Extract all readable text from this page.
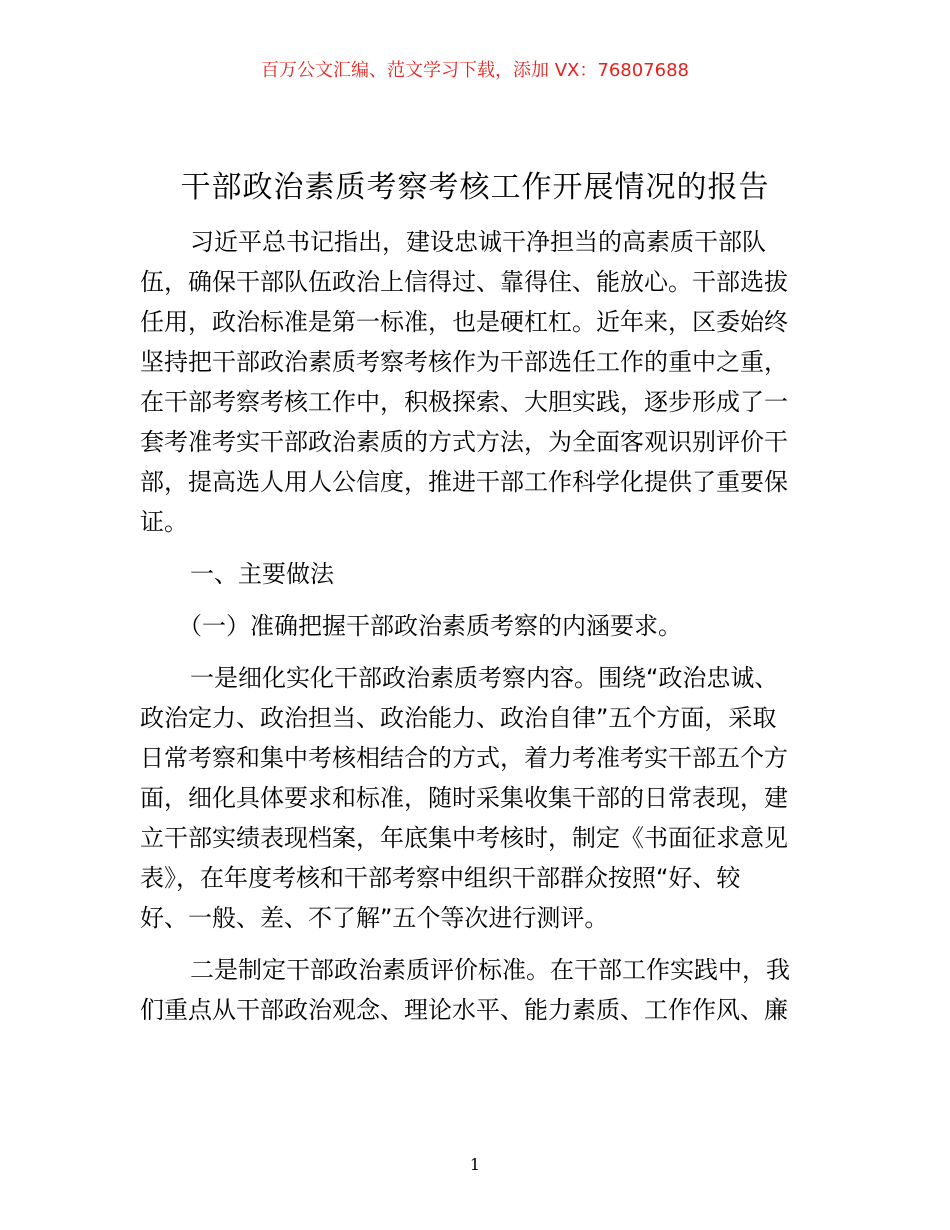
百万公文汇编、范文学习下载，添加 VX：76807688
干部政治素质考察考核工作开展情况的报告
习近平总书记指出，建设忠诚干净担当的高素质干部队
伍，确保干部队伍政治上信得过、靠得住、能放心。干部选拔
任用，政治标准是第一标准，也是硬杠杠。近年来，区委始终
坚持把干部政治素质考察考核作为干部选任工作的重中之重，
在干部考察考核工作中，积极探索、大胆实践，逐步形成了一
套考准考实干部政治素质的方式方法，为全面客观识别评价干
部，提高选人用人公信度，推进干部工作科学化提供了重要保
证。
一、主要做法
（一）准确把握干部政治素质考察的内涵要求。
一是细化实化干部政治素质考察内容。围绕“政治忠诚、
政治定力、政治担当、政治能力、政治自律”五个方面，采取
日常考察和集中考核相结合的方式，着力考准考实干部五个方
面，细化具体要求和标准，随时采集收集干部的日常表现，建
立干部实绩表现档案，年底集中考核时，制定《书面征求意见
表》，在年度考核和干部考察中组织干部群众按照“好、较
好、一般、差、不了解”五个等次进行测评。
二是制定干部政治素质评价标准。在干部工作实践中，我
们重点从干部政治观念、理论水平、能力素质、工作作风、廉
1
